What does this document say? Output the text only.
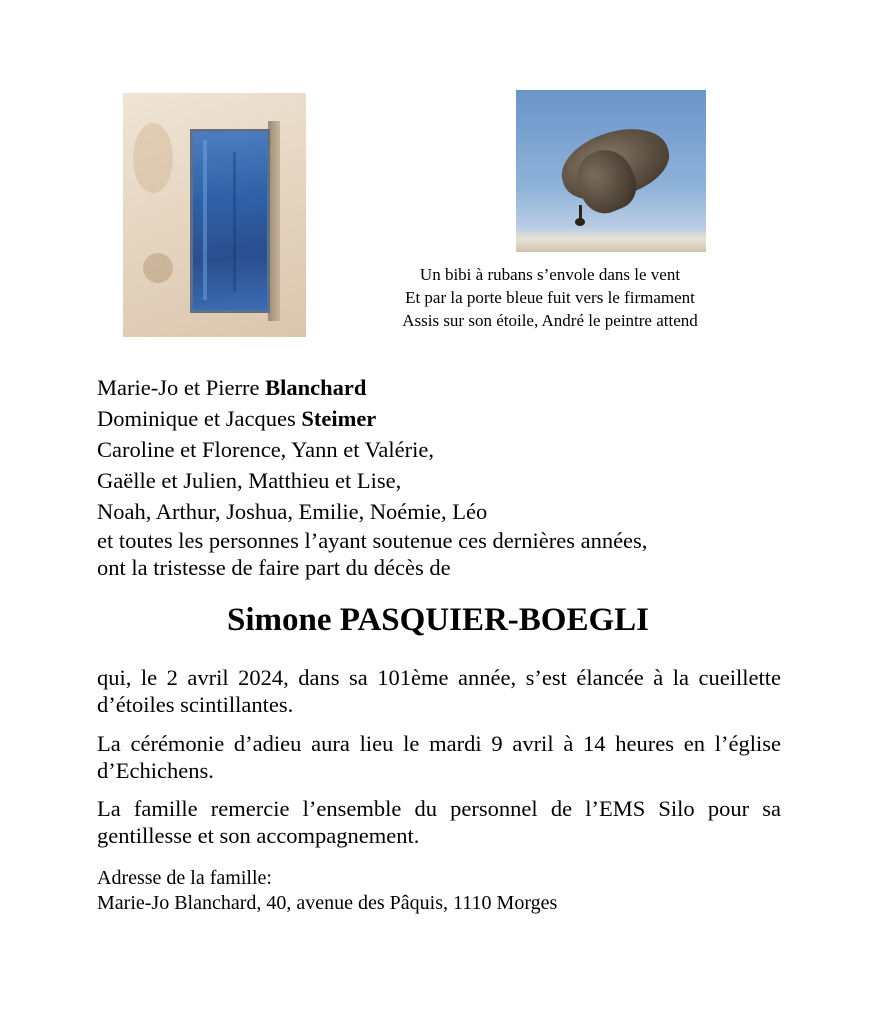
Un bibi à rubans s’envole dans le vent
Et par la porte bleue fuit vers le firmament
Assis sur son étoile, André le peintre attend
Marie-Jo et Pierre Blanchard
Dominique et Jacques Steimer
Caroline et Florence, Yann et Valérie,
Gaëlle et Julien, Matthieu et Lise,
Noah, Arthur, Joshua, Emilie, Noémie, Léo
et toutes les personnes l’ayant soutenue ces dernières années,
ont la tristesse de faire part du décès de
Simone PASQUIER-BOEGLI
qui, le 2 avril 2024, dans sa 101ème année, s’est élancée à la cueillette d’étoiles scintillantes.
La cérémonie d’adieu aura lieu le mardi 9 avril à 14 heures en l’église d’Echichens.
La famille remercie l’ensemble du personnel de l’EMS Silo pour sa gentillesse et son accompagnement.
Adresse de la famille:
Marie-Jo Blanchard, 40, avenue des Pâquis, 1110 Morges
